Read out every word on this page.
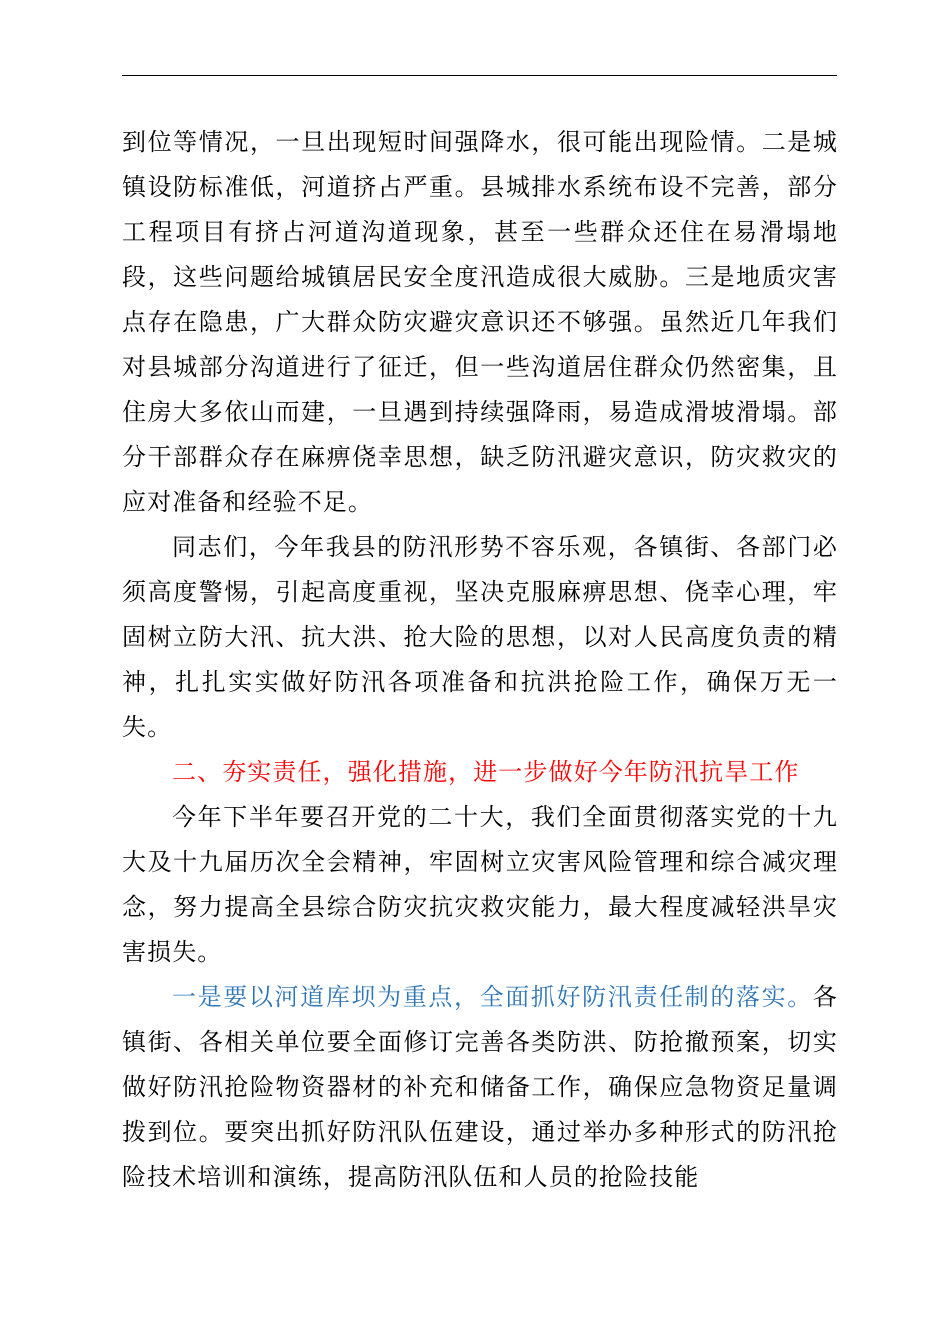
到位等情况，一旦出现短时间强降水，很可能出现险情。二是城镇设防标准低，河道挤占严重。县城排水系统布设不完善，部分工程项目有挤占河道沟道现象，甚至一些群众还住在易滑塌地段，这些问题给城镇居民安全度汛造成很大威胁。三是地质灾害点存在隐患，广大群众防灾避灾意识还不够强。虽然近几年我们对县城部分沟道进行了征迁，但一些沟道居住群众仍然密集，且住房大多依山而建，一旦遇到持续强降雨，易造成滑坡滑塌。部分干部群众存在麻痹侥幸思想，缺乏防汛避灾意识，防灾救灾的应对准备和经验不足。

同志们，今年我县的防汛形势不容乐观，各镇街、各部门必须高度警惕，引起高度重视，坚决克服麻痹思想、侥幸心理，牢固树立防大汛、抗大洪、抢大险的思想，以对人民高度负责的精神，扎扎实实做好防汛各项准备和抗洪抢险工作，确保万无一失。

二、夯实责任，强化措施，进一步做好今年防汛抗旱工作

今年下半年要召开党的二十大，我们全面贯彻落实党的十九大及十九届历次全会精神，牢固树立灾害风险管理和综合减灾理念，努力提高全县综合防灾抗灾救灾能力，最大程度减轻洪旱灾害损失。

一是要以河道库坝为重点，全面抓好防汛责任制的落实。各镇街、各相关单位要全面修订完善各类防洪、防抢撤预案，切实做好防汛抢险物资器材的补充和储备工作，确保应急物资足量调拨到位。要突出抓好防汛队伍建设，通过举办多种形式的防汛抢险技术培训和演练，提高防汛队伍和人员的抢险技能
